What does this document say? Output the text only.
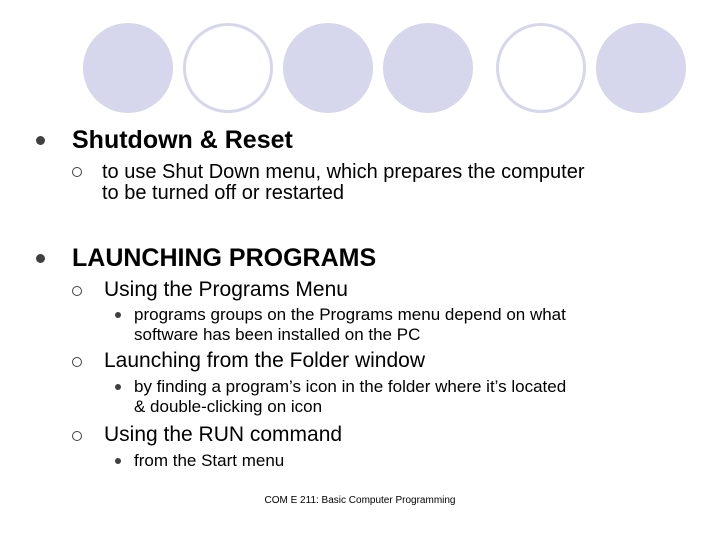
Shutdown & Reset
to use Shut Down menu, which prepares the computer
to be turned off or restarted
LAUNCHING PROGRAMS
Using the Programs Menu
programs groups on the Programs menu depend on what
software has been installed on the PC
Launching from the Folder window
by finding a program’s icon in the folder where it’s located
& double-clicking on icon
Using the RUN command
from the Start menu
COM E 211: Basic Computer Programming
